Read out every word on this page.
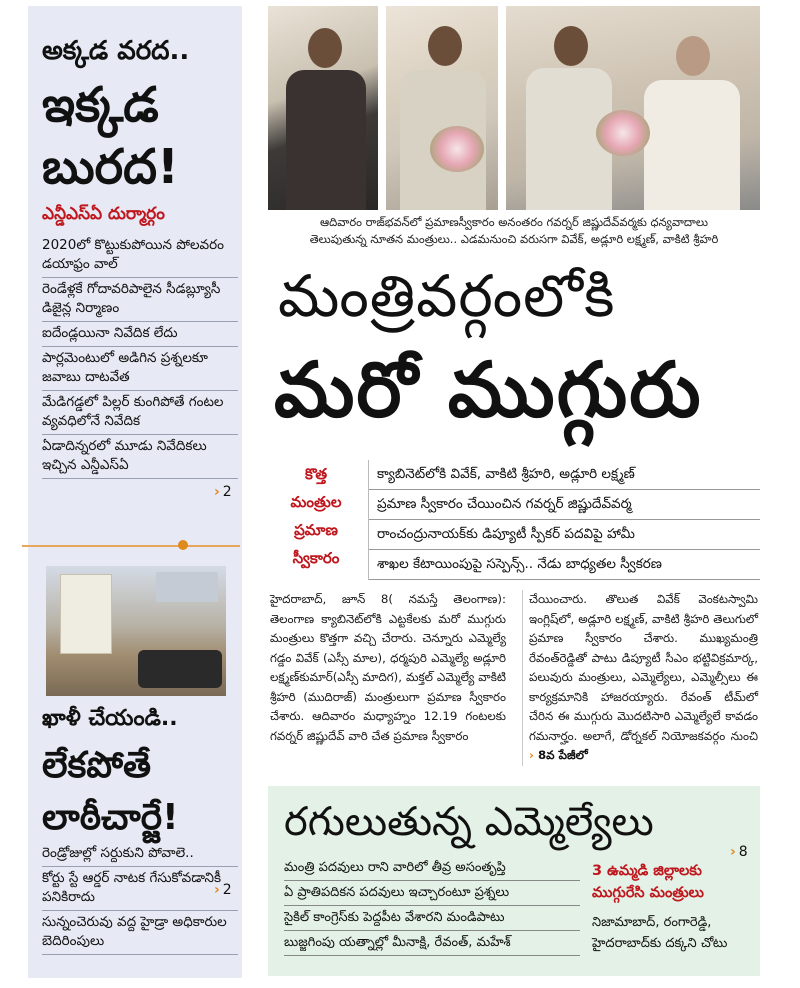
అక్కడ వరద..
ఇక్కడ బురద!
ఎన్డీఎస్ఏ దుర్మార్గం
2020లో కొట్టుకుపోయిన పోలవరం డయాఫ్రం వాల్
రెండేళ్లకే గోదావరిపాలైన సీడబ్ల్యూసీ డిజైన్ల నిర్మాణం
ఐదేండ్లయినా నివేదిక లేదు
పార్లమెంటులో అడిగిన ప్రశ్నలకూ జవాబు దాటవేత
మేడిగడ్డలో పిల్లర్ కుంగిపోతే గంటల వ్యవధిలోనే నివేదిక
ఏడాదిన్నరలో మూడు నివేదికలు ఇచ్చిన ఎన్డీఎస్ఏ
› 2
ఖాళీ చేయండి..
లేకపోతే లాఠీచార్జే!
రెండ్రోజుల్లో సర్దుకుని పోవాలె..
కోర్టు స్టే ఆర్డర్ నాటక గేసుకోవడానికీ పనికిరాదు
సున్నంచెరువు వద్ద హైడ్రా అధికారుల బెదిరింపులు
› 2
ఆదివారం రాజ్‌భవన్‌లో ప్రమాణస్వీకారం అనంతరం గవర్నర్ జిష్ణుదేవ్‌వర్మకు ధన్యవాదాలు
తెలుపుతున్న నూతన మంత్రులు.. ఎడమనుంచి వరుసగా వివేక్, అడ్లూరి లక్ష్మణ్, వాకిటి శ్రీహరి
మంత్రివర్గంలోకి
మరో ముగ్గురు
కొత్త
మంత్రుల
ప్రమాణ
స్వీకారం
క్యాబినెట్‌లోకి వివేక్, వాకిటి శ్రీహరి, అడ్లూరి లక్ష్మణ్
ప్రమాణ స్వీకారం చేయించిన గవర్నర్ జిష్ణుదేవ్‌వర్మ
రాంచంద్రునాయక్‌కు డిప్యూటీ స్పీకర్ పదవిపై హామీ
శాఖల కేటాయింపుపై సస్పెన్స్.. నేడు బాధ్యతల స్వీకరణ
హైదరాబాద్, జూన్ 8( నమస్తే తెలంగాణ): తెలంగాణ క్యాబినెట్‌లోకి ఎట్టకేలకు మరో ముగ్గురు మంత్రులు కొత్తగా వచ్చి చేరారు. చెన్నూరు ఎమ్మెల్యే గడ్డం వివేక్ (ఎస్సీ మాల), ధర్మపురి ఎమ్మెల్యే అడ్లూరి లక్ష్మణ్‌కుమార్(ఎస్సీ మాదిగ), మక్తల్ ఎమ్మెల్యే వాకిటి శ్రీహరి (ముదిరాజ్) మంత్రులుగా ప్రమాణ స్వీకారం చేశారు. ఆదివారం మధ్యాహ్నం 12.19 గంటలకు గవర్నర్ జిష్ణుదేవ్ వారి చేత ప్రమాణ స్వీకారం
చేయించారు. తొలుత వివేక్ వెంకటస్వామి ఇంగ్లిష్‌లో, అడ్లూరి లక్ష్మణ్, వాకిటి శ్రీహరి తెలుగులో ప్రమాణ స్వీకారం చేశారు. ముఖ్యమంత్రి రేవంత్‌రెడ్డితో పాటు డిప్యూటీ సీఎం భట్టివిక్రమార్క, పలువురు మంత్రులు, ఎమ్మెల్యేలు, ఎమ్మెల్సీలు ఈ కార్యక్రమానికి హాజరయ్యారు. రేవంత్ టీమ్‌లో చేరిన ఈ ముగ్గురు మొదటిసారి ఎమ్మెల్యేలే కావడం గమనార్హం. అలాగే, డోర్నకల్ నియోజకవర్గం నుంచి › 8వ పేజీలో
రగులుతున్న ఎమ్మెల్యేలు
› 8
మంత్రి పదవులు రాని వారిలో తీవ్ర అసంతృప్తి
ఏ ప్రాతిపదికన పదవులు ఇచ్చారంటూ ప్రశ్నలు
సైకిల్ కాంగ్రెస్‌కు పెద్దపీట వేశారని మండిపాటు
బుజ్జగింపు యత్నాల్లో మీనాక్షి, రేవంత్, మహేశ్
3 ఉమ్మడి జిల్లాలకు ముగ్గురేసి మంత్రులు
నిజామాబాద్, రంగారెడ్డి, హైదరాబాద్‌కు దక్కని చోటు
